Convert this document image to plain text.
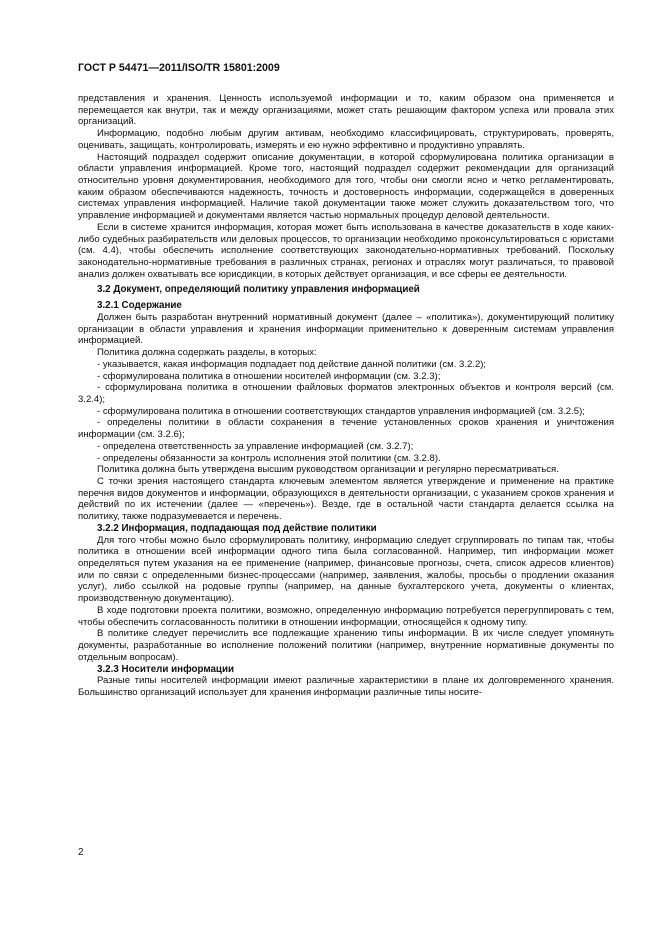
ГОСТ Р 54471—2011/ISO/TR 15801:2009

представления и хранения. Ценность используемой информации и то, каким образом она применяется и перемещается как внутри, так и между организациями, может стать решающим фактором успеха или провала этих организаций.

Информацию, подобно любым другим активам, необходимо классифицировать, структурировать, проверять, оценивать, защищать, контролировать, измерять и ею нужно эффективно и продуктивно управлять.

Настоящий подраздел содержит описание документации, в которой сформулирована политика организации в области управления информацией. Кроме того, настоящий подраздел содержит рекомендации для организаций относительно уровня документирования, необходимого для того, чтобы они смогли ясно и четко регламентировать, каким образом обеспечиваются надежность, точность и достоверность информации, содержащейся в доверенных системах управления информацией. Наличие такой документации также может служить доказательством того, что управление информацией и документами является частью нормальных процедур деловой деятельности.

Если в системе хранится информация, которая может быть использована в качестве доказательств в ходе каких-либо судебных разбирательств или деловых процессов, то организации необходимо проконсультироваться с юристами (см. 4.4), чтобы обеспечить исполнение соответствующих законодательно-нормативных требований. Поскольку законодательно-нормативные требования в различных странах, регионах и отраслях могут различаться, то правовой анализ должен охватывать все юрисдикции, в которых действует организация, и все сферы ее деятельности.

3.2 Документ, определяющий политику управления информацией
3.2.1 Содержание

Должен быть разработан внутренний нормативный документ (далее – «политика»), документирующий политику организации в области управления и хранения информации применительно к доверенным системам управления информацией.

Политика должна содержать разделы, в которых:

- указывается, какая информация подпадает под действие данной политики (см. 3.2.2);

- сформулирована политика в отношении носителей информации (см. 3.2.3);

- сформулирована политика в отношении файловых форматов электронных объектов и контроля версий (см. 3.2.4);

- сформулирована политика в отношении соответствующих стандартов управления информацией (см. 3.2.5);

- определены политики в области сохранения в течение установленных сроков хранения и уничтожения информации (см. 3.2.6);

- определена ответственность за управление информацией (см. 3.2.7);

- определены обязанности за контроль исполнения этой политики (см. 3.2.8).

Политика должна быть утверждена высшим руководством организации и регулярно пересматриваться.

С точки зрения настоящего стандарта ключевым элементом является утверждение и применение на практике перечня видов документов и информации, образующихся в деятельности организации, с указанием сроков хранения и действий по их истечении (далее — «перечень»). Везде, где в остальной части стандарта делается ссылка на политику, также подразумевается и перечень.

3.2.2 Информация, подпадающая под действие политики

Для того чтобы можно было сформулировать политику, информацию следует сгруппировать по типам так, чтобы политика в отношении всей информации одного типа была согласованной. Например, тип информации может определяться путем указания на ее применение (например, финансовые прогнозы, счета, список адресов клиентов) или по связи с определенными бизнес-процессами (например, заявления, жалобы, просьбы о продлении оказания услуг), либо ссылкой на родовые группы (например, на данные бухгалтерского учета, документы о клиентах, производственную документацию).

В ходе подготовки проекта политики, возможно, определенную информацию потребуется перегруппировать с тем, чтобы обеспечить согласованность политики в отношении информации, относящейся к одному типу.

В политике следует перечислить все подлежащие хранению типы информации. В их числе следует упомянуть документы, разработанные во исполнение положений политики (например, внутренние нормативные документы по отдельным вопросам).

3.2.3 Носители информации

Разные типы носителей информации имеют различные характеристики в плане их долговременного хранения. Большинство организаций использует для хранения информации различные типы носите-

2
